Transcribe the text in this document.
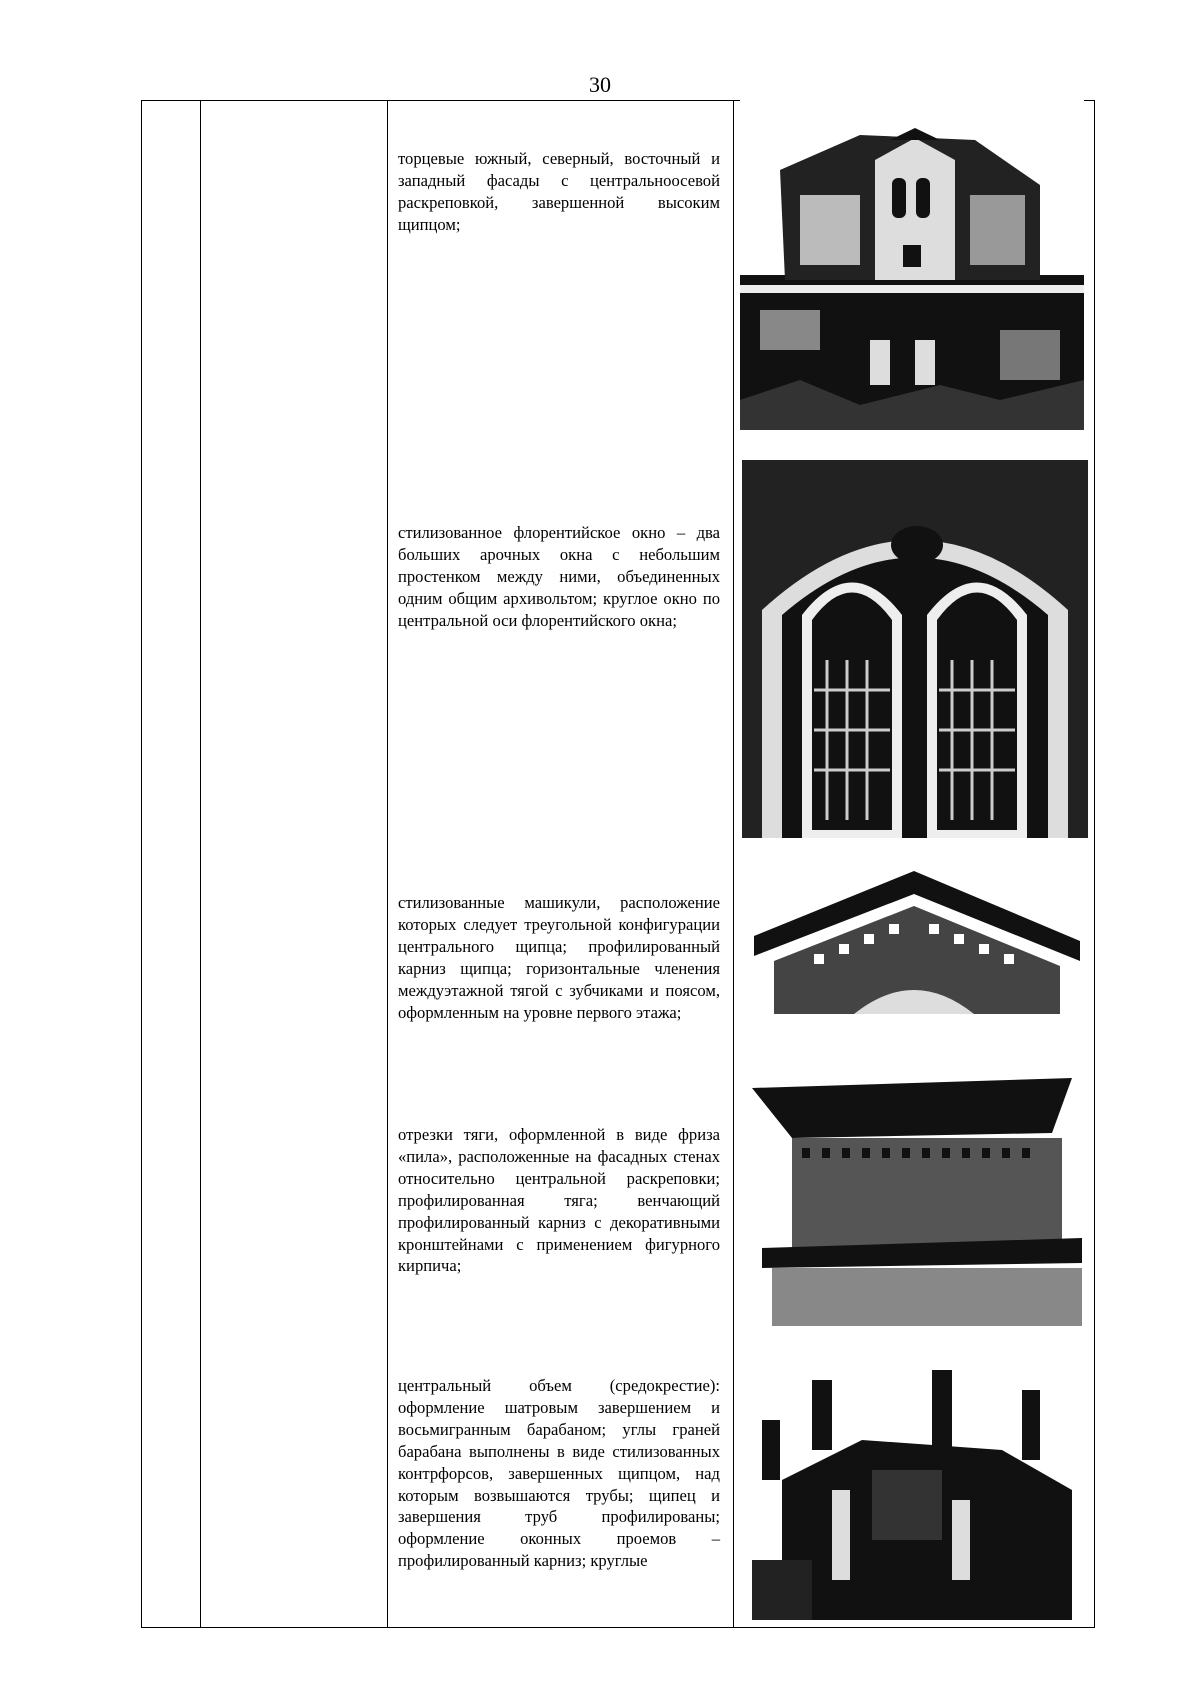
30

торцевые южный, северный, восточный и западный фасады с центральноосевой раскреповкой, завершенной высоким щипцом;

стилизованное флорентийское окно – два больших арочных окна с небольшим простенком между ними, объединенных одним общим архивольтом; круглое окно по центральной оси флорентийского окна;

стилизованные машикули, расположение которых следует треугольной конфигурации центрального щипца; профилированный карниз щипца; горизонтальные членения междуэтажной тягой с зубчиками и поясом, оформленным на уровне первого этажа;

отрезки тяги, оформленной в виде фриза «пила», расположенные на фасадных стенах относительно центральной раскреповки; профилированная тяга; венчающий профилированный карниз с декоративными кронштейнами с применением фигурного кирпича;

центральный объем (средокрестие): оформление шатровым завершением и восьмигранным барабаном; углы граней барабана выполнены в виде стилизованных контрфорсов, завершенных щипцом, над которым возвышаются трубы; щипец и завершения труб профилированы; оформление оконных проемов – профилированный карниз; круглые
